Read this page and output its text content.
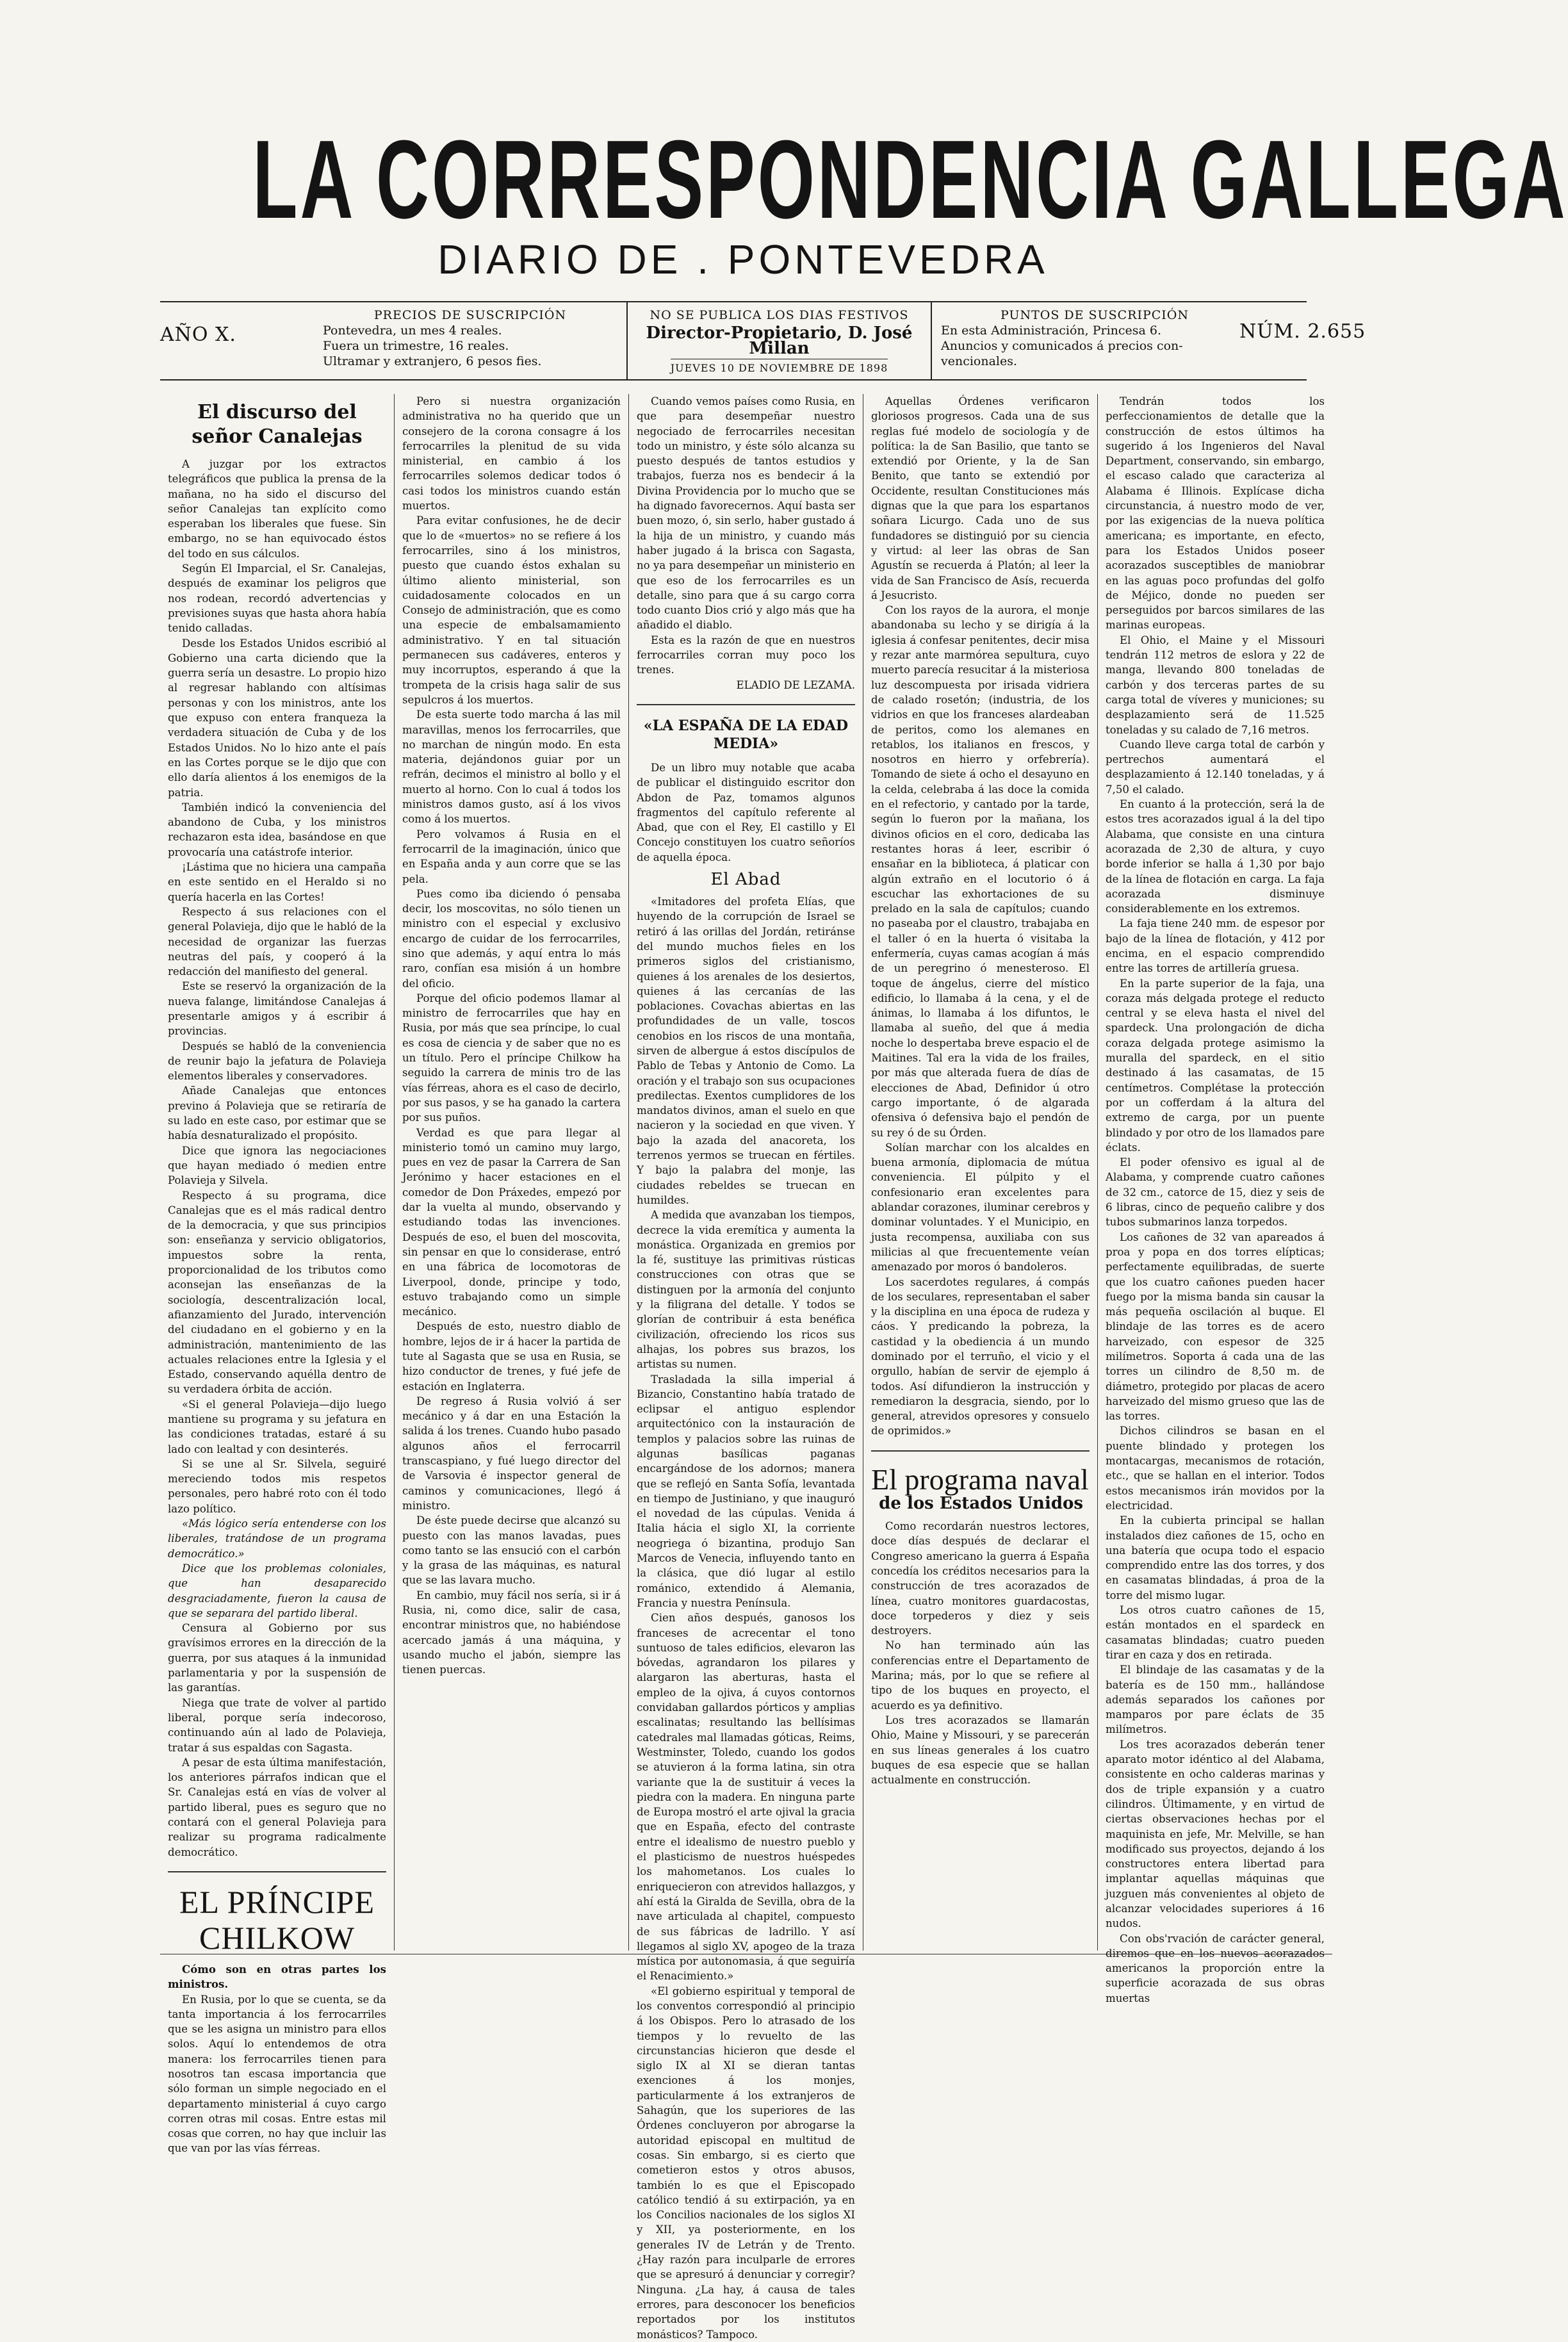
LA CORRESPONDENCIA GALLEGA
DIARIO DE . PONTEVEDRA
AÑO X.	NÚM. 2.655
PRECIOS DE SUSCRIPCIÓN
Pontevedra, un mes 4 reales.
Fuera un trimestre, 16 reales.
Ultramar y extranjero, 6 pesos fies.
NO SE PUBLICA LOS DIAS FESTIVOS
Director-Propietario, D. José Millan
JUEVES 10 DE NOVIEMBRE DE 1898
PUNTOS DE SUSCRIPCIÓN
En esta Administración, Princesa 6.
Anuncios y comunicados á precios con-
vencionales.
El discurso del señor Canalejas

A juzgar por los extractos telegráficos que publica la prensa de la mañana, no ha sido el discurso del señor Canalejas tan explícito como esperaban los liberales que fuese. Sin embargo, no se han equivocado éstos del todo en sus cálculos.

Según El Imparcial, el Sr. Canalejas, después de examinar los peligros que nos rodean, recordó advertencias y previsiones suyas que hasta ahora había tenido calladas.

Desde los Estados Unidos escribió al Gobierno una carta diciendo que la guerra sería un desastre. Lo propio hizo al regresar hablando con altísimas personas y con los ministros, ante los que expuso con entera franqueza la verdadera situación de Cuba y de los Estados Unidos. No lo hizo ante el país en las Cortes porque se le dijo que con ello daría alientos á los enemigos de la patria.

También indicó la conveniencia del abandono de Cuba, y los ministros rechazaron esta idea, basándose en que provocaría una catástrofe interior.

¡Lástima que no hiciera una campaña en este sentido en el Heraldo si no quería hacerla en las Cortes!

Respecto á sus relaciones con el general Polavieja, dijo que le habló de la necesidad de organizar las fuerzas neutras del país, y cooperó á la redacción del manifiesto del general.

Este se reservó la organización de la nueva falange, limitándose Canalejas á presentarle amigos y á escribir á provincias.

Después se habló de la conveniencia de reunir bajo la jefatura de Polavieja elementos liberales y conservadores.

Añade Canalejas que entonces previno á Polavieja que se retiraría de su lado en este caso, por estimar que se había desnaturalizado el propósito.

Dice que ignora las negociaciones que hayan mediado ó medien entre Polavieja y Silvela.

Respecto á su programa, dice Canalejas que es el más radical dentro de la democracia, y que sus principios son: enseñanza y servicio obligatorios, impuestos sobre la renta, proporcionalidad de los tributos como aconsejan las enseñanzas de la sociología, descentralización local, afianzamiento del Jurado, intervención del ciudadano en el gobierno y en la administración, mantenimiento de las actuales relaciones entre la Iglesia y el Estado, conservando aquélla dentro de su verdadera órbita de acción.

«Si el general Polavieja—dijo luego mantiene su programa y su jefatura en las condiciones tratadas, estaré á su lado con lealtad y con desinterés.

Si se une al Sr. Silvela, seguiré mereciendo todos mis respetos personales, pero habré roto con él todo lazo político.

«Más lógico sería entenderse con los liberales, tratándose de un programa democrático.»

Dice que los problemas coloniales, que han desaparecido desgraciadamente, fueron la causa de que se separara del partido liberal.

Censura al Gobierno por sus gravísimos errores en la dirección de la guerra, por sus ataques á la inmunidad parlamentaria y por la suspensión de las garantías.

Niega que trate de volver al partido liberal, porque sería indecoroso, continuando aún al lado de Polavieja, tratar á sus espaldas con Sagasta.

A pesar de esta última manifestación, los anteriores párrafos indican que el Sr. Canalejas está en vías de volver al partido liberal, pues es seguro que no contará con el general Polavieja para realizar su programa radicalmente democrático.

EL PRÍNCIPE CHILKOW

Cómo son en otras partes los ministros.

En Rusia, por lo que se cuenta, se da tanta importancia á los ferrocarriles que se les asigna un ministro para ellos solos. Aquí lo entendemos de otra manera: los ferrocarriles tienen para nosotros tan escasa importancia que sólo forman un simple negociado en el departamento ministerial á cuyo cargo corren otras mil cosas. Entre estas mil cosas que corren, no hay que incluir las que van por las vías férreas.

Pero si nuestra organización administrativa no ha querido que un consejero de la corona consagre á los ferrocarriles la plenitud de su vida ministerial, en cambio á los ferrocarriles solemos dedicar todos ó casi todos los ministros cuando están muertos.

Para evitar confusiones, he de decir que lo de «muertos» no se refiere á los ferrocarriles, sino á los ministros, puesto que cuando éstos exhalan su último aliento ministerial, son cuidadosamente colocados en un Consejo de administración, que es como una especie de embalsamamiento administrativo. Y en tal situación permanecen sus cadáveres, enteros y muy incorruptos, esperando á que la trompeta de la crisis haga salir de sus sepulcros á los muertos.

De esta suerte todo marcha á las mil maravillas, menos los ferrocarriles, que no marchan de ningún modo. En esta materia, dejándonos guiar por un refrán, decimos el ministro al bollo y el muerto al horno. Con lo cual á todos los ministros damos gusto, así á los vivos como á los muertos.

Pero volvamos á Rusia en el ferrocarril de la imaginación, único que en España anda y aun corre que se las pela.

Pues como iba diciendo ó pensaba decir, los moscovitas, no sólo tienen un ministro con el especial y exclusivo encargo de cuidar de los ferrocarriles, sino que además, y aquí entra lo más raro, confían esa misión á un hombre del oficio.

Porque del oficio podemos llamar al ministro de ferrocarriles que hay en Rusia, por más que sea príncipe, lo cual es cosa de ciencia y de saber que no es un título. Pero el príncipe Chilkow ha seguido la carrera de minis tro de las vías férreas, ahora es el caso de decirlo, por sus pasos, y se ha ganado la cartera por sus puños.

Verdad es que para llegar al ministerio tomó un camino muy largo, pues en vez de pasar la Carrera de San Jerónimo y hacer estaciones en el comedor de Don Práxedes, empezó por dar la vuelta al mundo, observando y estudiando todas las invenciones. Después de eso, el buen del moscovita, sin pensar en que lo considerase, entró en una fábrica de locomotoras de Liverpool, donde, principe y todo, estuvo trabajando como un simple mecánico.

Después de esto, nuestro diablo de hombre, lejos de ir á hacer la partida de tute al Sagasta que se usa en Rusia, se hizo conductor de trenes, y fué jefe de estación en Inglaterra.

De regreso á Rusia volvió á ser mecánico y á dar en una Estación la salida á los trenes. Cuando hubo pasado algunos años el ferrocarril transcaspiano, y fué luego director del de Varsovia é inspector general de caminos y comunicaciones, llegó á ministro.

De éste puede decirse que alcanzó su puesto con las manos lavadas, pues como tanto se las ensució con el carbón y la grasa de las máquinas, es natural que se las lavara mucho.

En cambio, muy fácil nos sería, si ir á Rusia, ni, como dice, salir de casa, encontrar ministros que, no habiéndose acercado jamás á una máquina, y usando mucho el jabón, siempre las tienen puercas.

Cuando vemos países como Rusia, en que para desempeñar nuestro negociado de ferrocarriles necesitan todo un ministro, y éste sólo alcanza su puesto después de tantos estudios y trabajos, fuerza nos es bendecir á la Divina Providencia por lo mucho que se ha dignado favorecernos. Aquí basta ser buen mozo, ó, sin serlo, haber gustado á la hija de un ministro, y cuando más haber jugado á la brisca con Sagasta, no ya para desempeñar un ministerio en que eso de los ferrocarriles es un detalle, sino para que á su cargo corra todo cuanto Dios crió y algo más que ha añadido el diablo.

Esta es la razón de que en nuestros ferrocarriles corran muy poco los trenes.

ELADIO DE LEZAMA.

«LA ESPAÑA DE LA EDAD MEDIA»

De un libro muy notable que acaba de publicar el distinguido escritor don Abdon de Paz, tomamos algunos fragmentos del capítulo referente al Abad, que con el Rey, El castillo y El Concejo constituyen los cuatro señoríos de aquella época.

El Abad

«Imitadores del profeta Elías, que huyendo de la corrupción de Israel se retiró á las orillas del Jordán, retiránse del mundo muchos fieles en los primeros siglos del cristianismo, quienes á los arenales de los desiertos, quienes á las cercanías de las poblaciones. Covachas abiertas en las profundidades de un valle, toscos cenobios en los riscos de una montaña, sirven de albergue á estos discípulos de Pablo de Tebas y Antonio de Como. La oración y el trabajo son sus ocupaciones predilectas. Exentos cumplidores de los mandatos divinos, aman el suelo en que nacieron y la sociedad en que viven. Y bajo la azada del anacoreta, los terrenos yermos se truecan en fértiles. Y bajo la palabra del monje, las ciudades rebeldes se truecan en humildes.

A medida que avanzaban los tiempos, decrece la vida eremítica y aumenta la monástica. Organizada en gremios por la fé, sustituye las primitivas rústicas construcciones con otras que se distinguen por la armonía del conjunto y la filigrana del detalle. Y todos se glorían de contribuir á esta benéfica civilización, ofreciendo los ricos sus alhajas, los pobres sus brazos, los artistas su numen.

Trasladada la silla imperial á Bizancio, Constantino había tratado de eclipsar el antiguo esplendor arquitectónico con la instauración de templos y palacios sobre las ruinas de algunas basílicas paganas encargándose de los adornos; manera que se reflejó en Santa Sofía, levantada en tiempo de Justiniano, y que inauguró el novedad de las cúpulas. Venida á Italia hácia el siglo XI, la corriente neogriega ó bizantina, produjo San Marcos de Venecia, influyendo tanto en la clásica, que dió lugar al estilo románico, extendido á Alemania, Francia y nuestra Península.

Cien años después, ganosos los franceses de acrecentar el tono suntuoso de tales edificios, elevaron las bóvedas, agrandaron los pilares y alargaron las aberturas, hasta el empleo de la ojiva, á cuyos contornos convidaban gallardos pórticos y amplias escalinatas; resultando las bellísimas catedrales mal llamadas góticas, Reims, Westminster, Toledo, cuando los godos se atuvieron á la forma latina, sin otra variante que la de sustituir á veces la piedra con la madera. En ninguna parte de Europa mostró el arte ojival la gracia que en España, efecto del contraste entre el idealismo de nuestro pueblo y el plasticismo de nuestros huéspedes los mahometanos. Los cuales lo enriquecieron con atrevidos hallazgos, y ahí está la Giralda de Sevilla, obra de la nave articulada al chapitel, compuesto de sus fábricas de ladrillo. Y así llegamos al siglo XV, apogeo de la traza mística por autonomasia, á que seguiría el Renacimiento.»

«El gobierno espiritual y temporal de los conventos correspondió al principio á los Obispos. Pero lo atrasado de los tiempos y lo revuelto de las circunstancias hicieron que desde el siglo IX al XI se dieran tantas exenciones á los monjes, particularmente á los extranjeros de Sahagún, que los superiores de las Órdenes concluyeron por abrogarse la autoridad episcopal en multitud de cosas. Sin embargo, si es cierto que cometieron estos y otros abusos, también lo es que el Episcopado católico tendió á su extirpación, ya en los Concilios nacionales de los siglos XI y XII, ya posteriormente, en los generales IV de Letrán y de Trento. ¿Hay razón para inculparle de errores que se apresuró á denunciar y corregir? Ninguna. ¿La hay, á causa de tales errores, para desconocer los beneficios reportados por los institutos monásticos? Tampoco.

Aquellas Órdenes verificaron gloriosos progresos. Cada una de sus reglas fué modelo de sociología y de política: la de San Basilio, que tanto se extendió por Oriente, y la de San Benito, que tanto se extendió por Occidente, resultan Constituciones más dignas que la que para los espartanos soñara Licurgo. Cada uno de sus fundadores se distinguió por su ciencia y virtud: al leer las obras de San Agustín se recuerda á Platón; al leer la vida de San Francisco de Asís, recuerda á Jesucristo.

Con los rayos de la aurora, el monje abandonaba su lecho y se dirigía á la iglesia á confesar penitentes, decir misa y rezar ante marmórea sepultura, cuyo muerto parecía resucitar á la misteriosa luz descompuesta por irisada vidriera de calado rosetón; (industria, de los vidrios en que los franceses alardeaban de peritos, como los alemanes en retablos, los italianos en frescos, y nosotros en hierro y orfebrería). Tomando de siete á ocho el desayuno en la celda, celebraba á las doce la comida en el refectorio, y cantado por la tarde, según lo fueron por la mañana, los divinos oficios en el coro, dedicaba las restantes horas á leer, escribir ó ensañar en la biblioteca, á platicar con algún extraño en el locutorio ó á escuchar las exhortaciones de su prelado en la sala de capítulos; cuando no paseaba por el claustro, trabajaba en el taller ó en la huerta ó visitaba la enfermería, cuyas camas acogían á más de un peregrino ó menesteroso. El toque de ángelus, cierre del místico edificio, lo llamaba á la cena, y el de ánimas, lo llamaba á los difuntos, le llamaba al sueño, del que á media noche lo despertaba breve espacio el de Maitines. Tal era la vida de los frailes, por más que alterada fuera de días de elecciones de Abad, Definidor ú otro cargo importante, ó de algarada ofensiva ó defensiva bajo el pendón de su rey ó de su Órden.

Solían marchar con los alcaldes en buena armonía, diplomacia de mútua conveniencia. El púlpito y el confesionario eran excelentes para ablandar corazones, iluminar cerebros y dominar voluntades. Y el Municipio, en justa recompensa, auxiliaba con sus milicias al que frecuentemente veían amenazado por moros ó bandoleros.

Los sacerdotes regulares, á compás de los seculares, representaban el saber y la disciplina en una época de rudeza y cáos. Y predicando la pobreza, la castidad y la obediencia á un mundo dominado por el terruño, el vicio y el orgullo, habían de servir de ejemplo á todos. Así difundieron la instrucción y remediaron la desgracia, siendo, por lo general, atrevidos opresores y consuelo de oprimidos.»

El programa naval
de los Estados Unidos

Como recordarán nuestros lectores, doce días después de declarar el Congreso americano la guerra á España concedía los créditos necesarios para la construcción de tres acorazados de línea, cuatro monitores guardacostas, doce torpederos y diez y seis destroyers.

No han terminado aún las conferencias entre el Departamento de Marina; más, por lo que se refiere al tipo de los buques en proyecto, el acuerdo es ya definitivo.

Los tres acorazados se llamarán Ohio, Maine y Missouri, y se parecerán en sus líneas generales á los cuatro buques de esa especie que se hallan actualmente en construcción.

Tendrán todos los perfeccionamientos de detalle que la construcción de estos últimos ha sugerido á los Ingenieros del Naval Department, conservando, sin embargo, el escaso calado que caracteriza al Alabama é Illinois. Explícase dicha circunstancia, á nuestro modo de ver, por las exigencias de la nueva política americana; es importante, en efecto, para los Estados Unidos poseer acorazados susceptibles de maniobrar en las aguas poco profundas del golfo de Méjico, donde no pueden ser perseguidos por barcos similares de las marinas europeas.

El Ohio, el Maine y el Missouri tendrán 112 metros de eslora y 22 de manga, llevando 800 toneladas de carbón y dos terceras partes de su carga total de víveres y municiones; su desplazamiento será de 11.525 toneladas y su calado de 7,16 metros.

Cuando lleve carga total de carbón y pertrechos aumentará el desplazamiento á 12.140 toneladas, y á 7,50 el calado.

En cuanto á la protección, será la de estos tres acorazados igual á la del tipo Alabama, que consiste en una cintura acorazada de 2,30 de altura, y cuyo borde inferior se halla á 1,30 por bajo de la línea de flotación en carga. La faja acorazada disminuye considerablemente en los extremos.

La faja tiene 240 mm. de espesor por bajo de la línea de flotación, y 412 por encima, en el espacio comprendido entre las torres de artillería gruesa.

En la parte superior de la faja, una coraza más delgada protege el reducto central y se eleva hasta el nivel del spardeck. Una prolongación de dicha coraza delgada protege asimismo la muralla del spardeck, en el sitio destinado á las casamatas, de 15 centímetros. Complétase la protección por un cofferdam á la altura del extremo de carga, por un puente blindado y por otro de los llamados pare éclats.

El poder ofensivo es igual al de Alabama, y comprende cuatro cañones de 32 cm., catorce de 15, diez y seis de 6 libras, cinco de pequeño calibre y dos tubos submarinos lanza torpedos.

Los cañones de 32 van apareados á proa y popa en dos torres elípticas; perfectamente equilibradas, de suerte que los cuatro cañones pueden hacer fuego por la misma banda sin causar la más pequeña oscilación al buque. El blindaje de las torres es de acero harveizado, con espesor de 325 milímetros. Soporta á cada una de las torres un cilindro de 8,50 m. de diámetro, protegido por placas de acero harveizado del mismo grueso que las de las torres.

Dichos cilindros se basan en el puente blindado y protegen los montacargas, mecanismos de rotación, etc., que se hallan en el interior. Todos estos mecanismos irán movidos por la electricidad.

En la cubierta principal se hallan instalados diez cañones de 15, ocho en una batería que ocupa todo el espacio comprendido entre las dos torres, y dos en casamatas blindadas, á proa de la torre del mismo lugar.

Los otros cuatro cañones de 15, están montados en el spardeck en casamatas blindadas; cuatro pueden tirar en caza y dos en retirada.

El blindaje de las casamatas y de la batería es de 150 mm., hallándose además separados los cañones por mamparos por pare éclats de 35 milímetros.

Los tres acorazados deberán tener aparato motor idéntico al del Alabama, consistente en ocho calderas marinas y dos de triple expansión y a cuatro cilindros. Últimamente, y en virtud de ciertas observaciones hechas por el maquinista en jefe, Mr. Melville, se han modificado sus proyectos, dejando á los constructores entera libertad para implantar aquellas máquinas que juzguen más convenientes al objeto de alcanzar velocidades superiores á 16 nudos.

Con obs'rvación de carácter general, diremos que en los nuevos acorazados americanos la proporción entre la superficie acorazada de sus obras muertas
